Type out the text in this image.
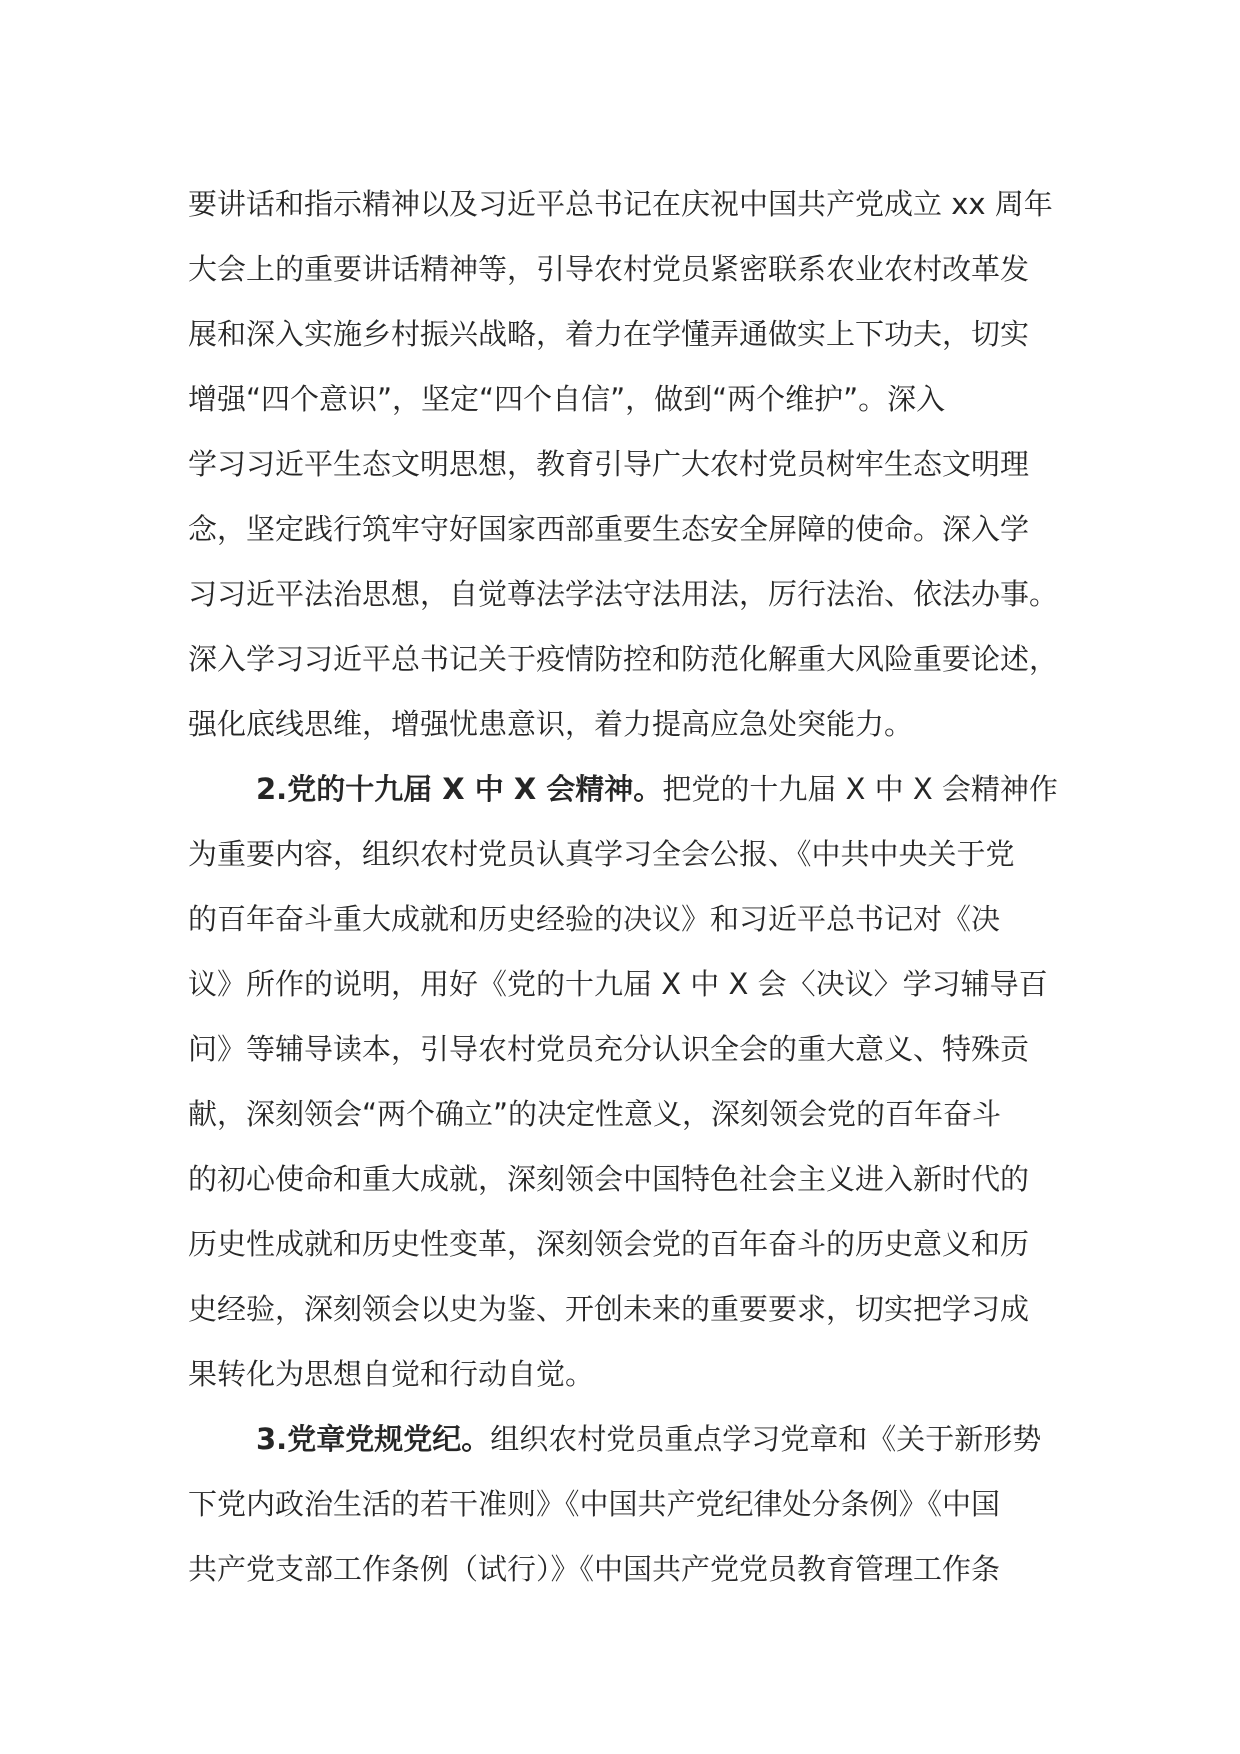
要讲话和指示精神以及习近平总书记在庆祝中国共产党成立 xx 周年
大会上的重要讲话精神等，引导农村党员紧密联系农业农村改革发
展和深入实施乡村振兴战略，着力在学懂弄通做实上下功夫，切实
增强“四个意识”，坚定“四个自信”，做到“两个维护”。深入
学习习近平生态文明思想，教育引导广大农村党员树牢生态文明理
念，坚定践行筑牢守好国家西部重要生态安全屏障的使命。深入学
习习近平法治思想，自觉尊法学法守法用法，厉行法治、依法办事。
深入学习习近平总书记关于疫情防控和防范化解重大风险重要论述，
强化底线思维，增强忧患意识，着力提高应急处突能力。
2.党的十九届 X 中 X 会精神。把党的十九届 X 中 X 会精神作
为重要内容，组织农村党员认真学习全会公报、《中共中央关于党
的百年奋斗重大成就和历史经验的决议》和习近平总书记对《决
议》所作的说明，用好《党的十九届 X 中 X 会〈决议〉学习辅导百
问》等辅导读本，引导农村党员充分认识全会的重大意义、特殊贡
献，深刻领会“两个确立”的决定性意义，深刻领会党的百年奋斗
的初心使命和重大成就，深刻领会中国特色社会主义进入新时代的
历史性成就和历史性变革，深刻领会党的百年奋斗的历史意义和历
史经验，深刻领会以史为鉴、开创未来的重要要求，切实把学习成
果转化为思想自觉和行动自觉。
3.党章党规党纪。组织农村党员重点学习党章和《关于新形势
下党内政治生活的若干准则》《中国共产党纪律处分条例》《中国
共产党支部工作条例（试行）》《中国共产党党员教育管理工作条
